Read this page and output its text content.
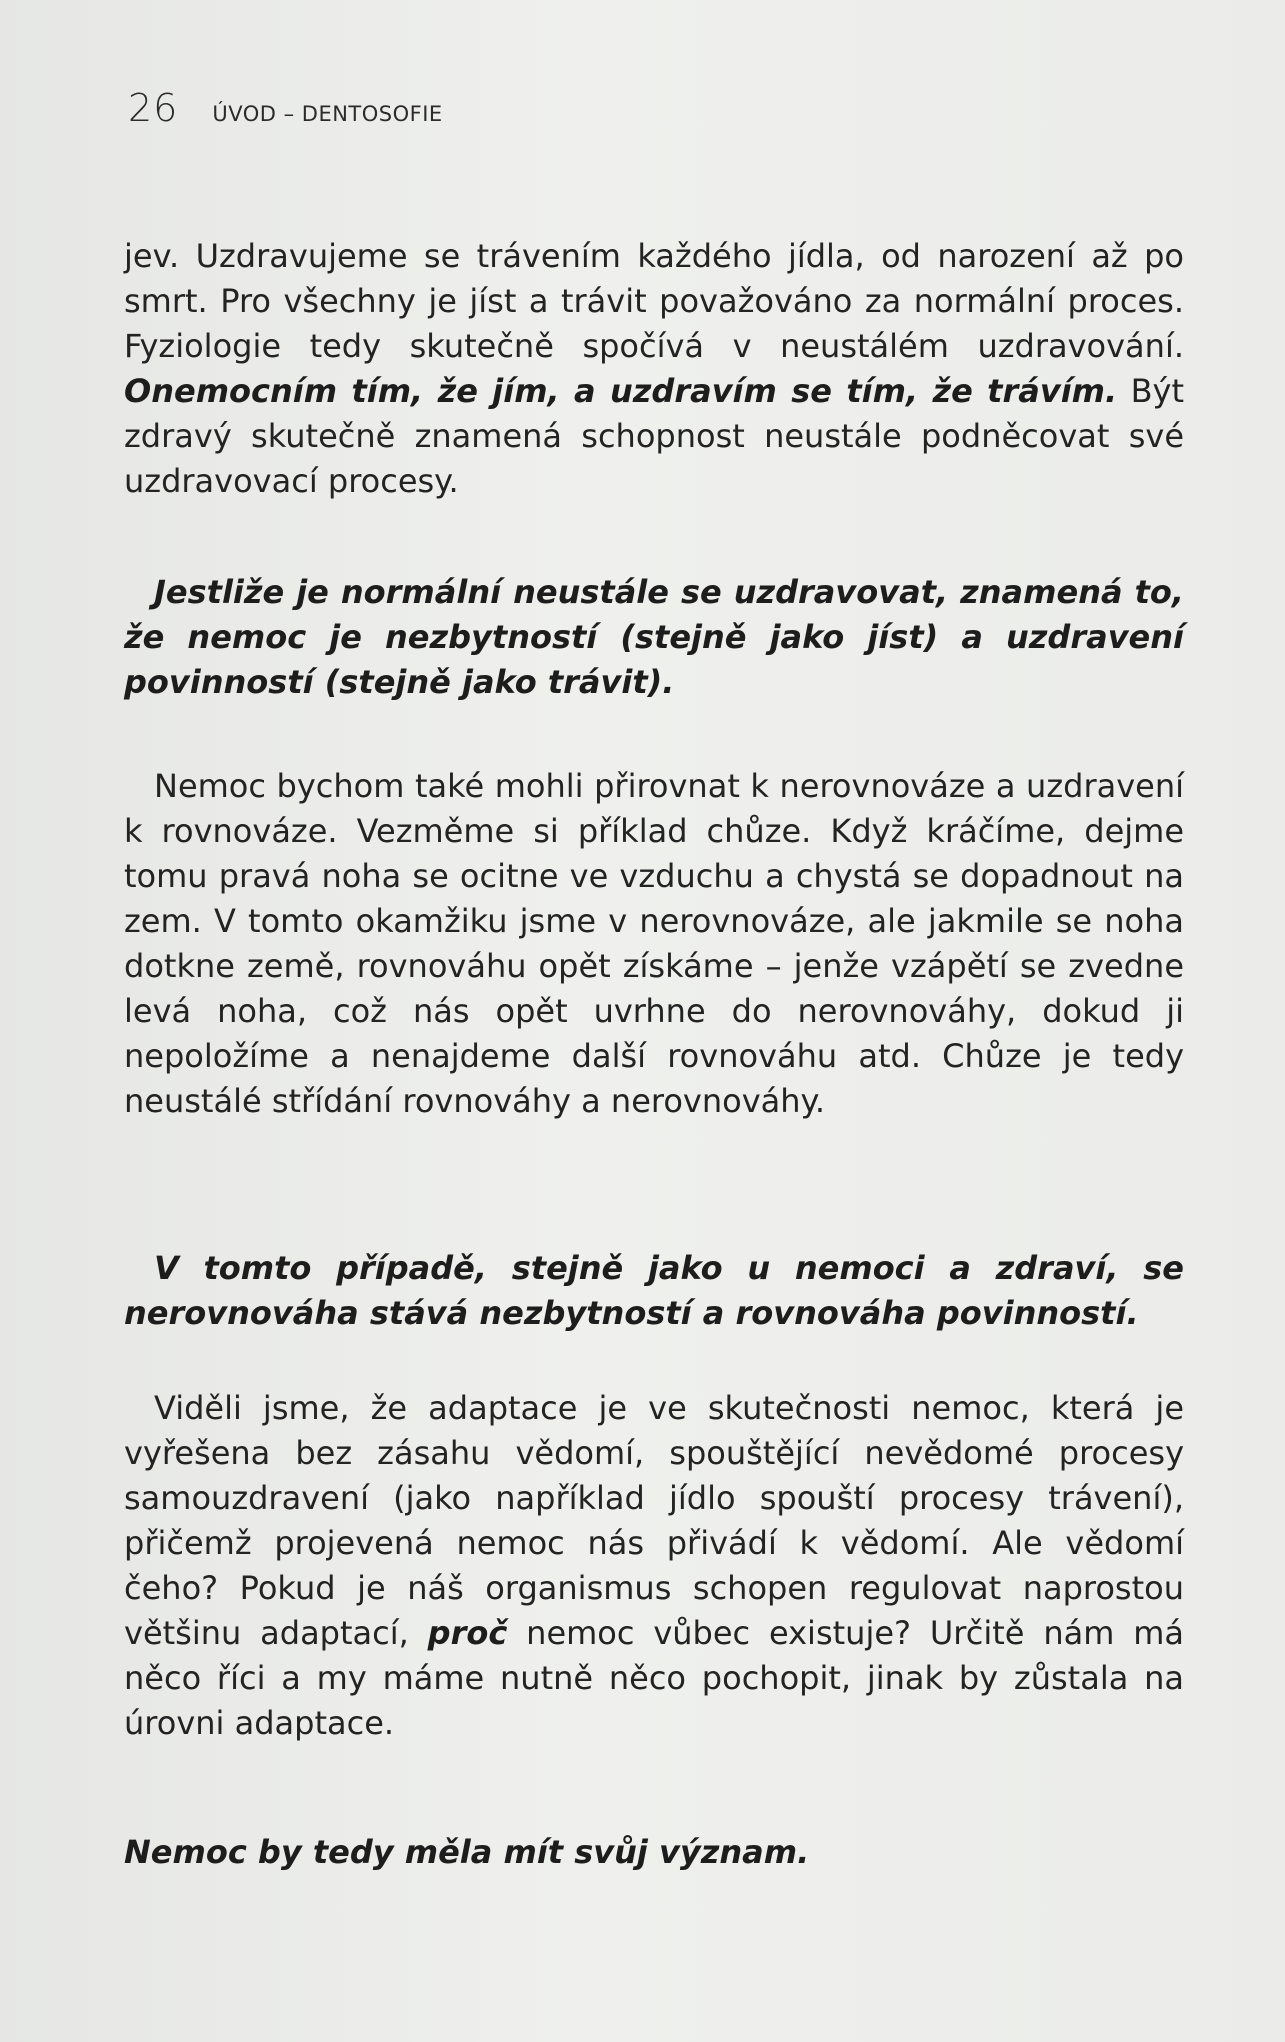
26 ÚVOD – DENTOSOFIE

jev. Uzdravujeme se trávením každého jídla, od narození až po smrt. Pro všechny je jíst a trávit považováno za normální proces. Fyziologie tedy skutečně spočívá v neustálém uzdravování. Onemocním tím, že jím, a uzdravím se tím, že trávím. Být zdravý skutečně znamená schopnost neustále podněcovat své uzdravovací procesy.

Jestliže je normální neustále se uzdravovat, znamená to, že nemoc je nezbytností (stejně jako jíst) a uzdravení povinností (stejně jako trávit).

Nemoc bychom také mohli přirovnat k nerovnováze a uzdravení k rovnováze. Vezměme si příklad chůze. Když kráčíme, dejme tomu pravá noha se ocitne ve vzduchu a chystá se dopadnout na zem. V tomto okamžiku jsme v nerovnováze, ale jakmile se noha dotkne země, rovnováhu opět získáme – jenže vzápětí se zvedne levá noha, což nás opět uvrhne do nerovnováhy, dokud ji nepoložíme a nenajdeme další rovnováhu atd. Chůze je tedy neustálé střídání rovnováhy a nerovnováhy.

V tomto případě, stejně jako u nemoci a zdraví, se nerovnováha stává nezbytností a rovnováha povinností.

Viděli jsme, že adaptace je ve skutečnosti nemoc, která je vyřešena bez zásahu vědomí, spouštějící nevědomé procesy samouzdravení (jako například jídlo spouští procesy trávení), přičemž projevená nemoc nás přivádí k vědomí. Ale vědomí čeho? Pokud je náš organismus schopen regulovat naprostou většinu adaptací, proč nemoc vůbec existuje? Určitě nám má něco říci a my máme nutně něco pochopit, jinak by zůstala na úrovni adaptace.

Nemoc by tedy měla mít svůj význam.
